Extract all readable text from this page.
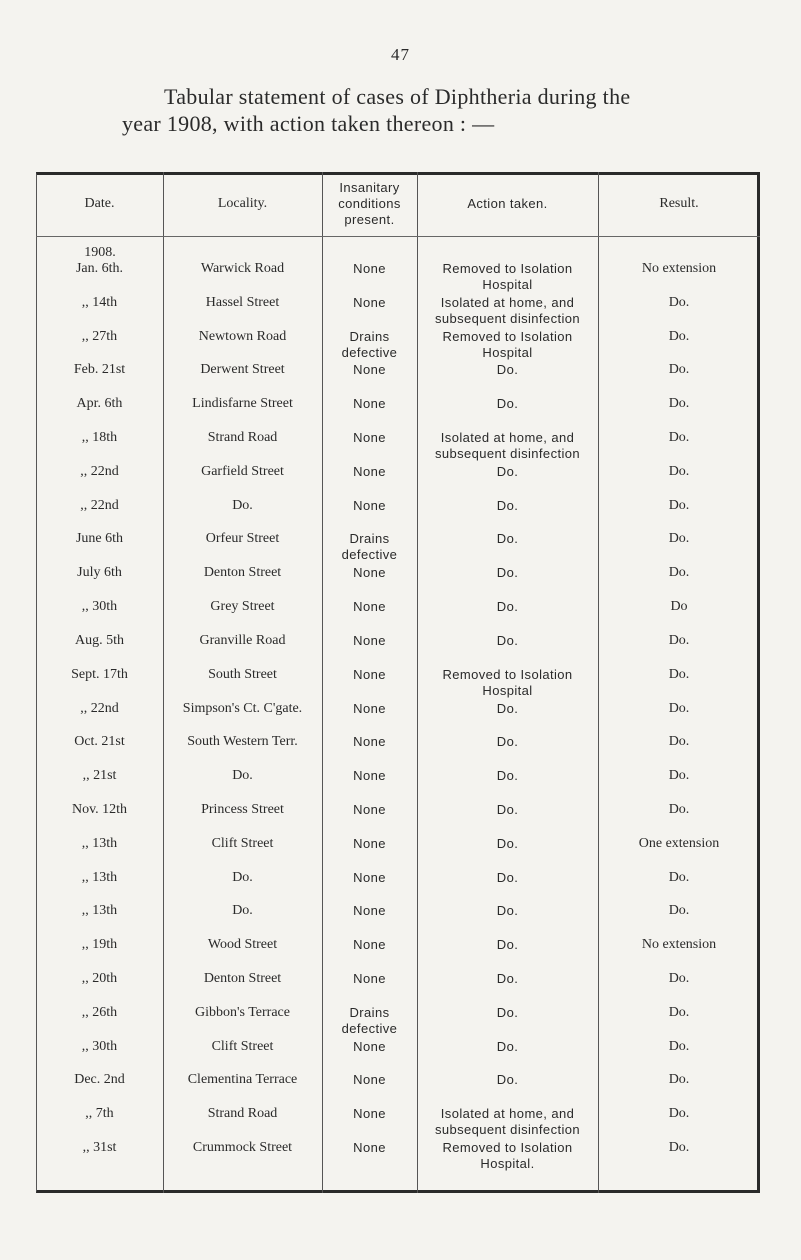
47
Tabular statement of cases of Diphtheria during the
year 1908, with action taken thereon : —
Date.	Locality.
Insanitary conditions present.
Action taken.	Result.
1908.
Jan. 6th.
,, 14th
,, 27th
Feb. 21st
Apr. 6th
,, 18th
,, 22nd
,, 22nd
June 6th
July 6th
,, 30th
Aug. 5th
Sept. 17th
,, 22nd
Oct. 21st
,, 21st
Nov. 12th
,, 13th
,, 13th
,, 13th
,, 19th
,, 20th
,, 26th
,, 30th
Dec. 2nd
,, 7th
,, 31st
Warwick Road
Hassel Street
Newtown Road
Derwent Street
Lindisfarne Street
Strand Road
Garfield Street
Do.
Orfeur Street
Denton Street
Grey Street
Granville Road
South Street
Simpson's Ct. C'gate.
South Western Terr.
Do.
Princess Street
Clift Street
Do.
Do.
Wood Street
Denton Street
Gibbon's Terrace
Clift Street
Clementina Terrace
Strand Road
Crummock Street
None
None
Drains defective
None
None
None
None
None
Drains defective
None
None
None
None
None
None
None
None
None
None
None
None
None
Drains defective
None
None
None
None
Removed to Isolation Hospital
Isolated at home, and subsequent disinfection
Removed to Isolation Hospital
Do.
Do.
Isolated at home, and subsequent disinfection
Do.
Do.
Do.
Do.
Do.
Do.
Removed to Isolation Hospital
Do.
Do.
Do.
Do.
Do.
Do.
Do.
Do.
Do.
Do.
Do.
Do.
Isolated at home, and subsequent disinfection
Removed to Isolation Hospital.
No extension
Do.
Do.
Do.
Do.
Do.
Do.
Do.
Do.
Do.
Do
Do.
Do.
Do.
Do.
Do.
Do.
One extension
Do.
Do.
No extension
Do.
Do.
Do.
Do.
Do.
Do.
